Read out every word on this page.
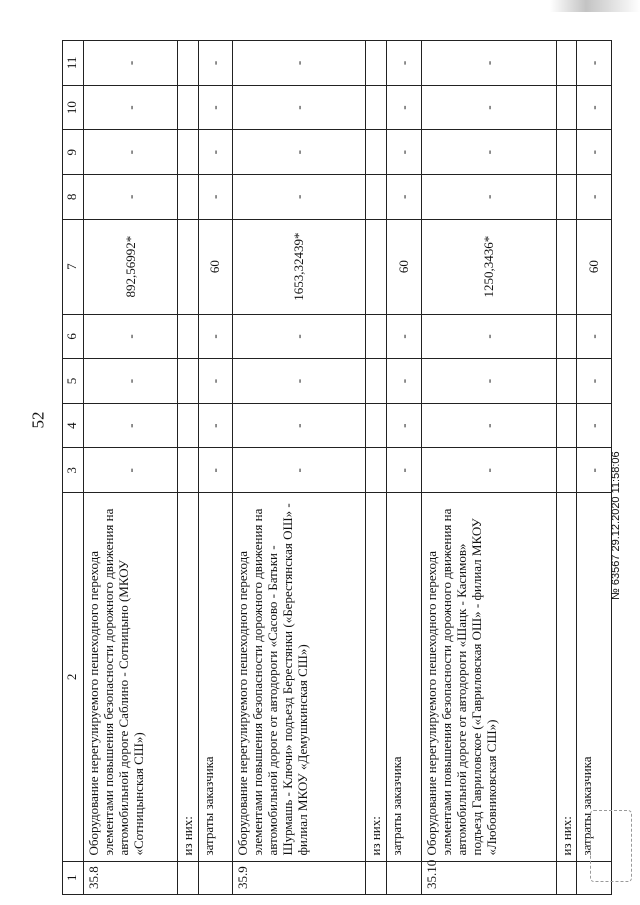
52
1	2	3	4	5	6	7	8	9	10	11
35.8	Оборудование нерегулируемого пешеходного перехода элементами повышения безопасности дорожного движения на автомобильной дороге Саблино - Сотницыно (МКОУ «Сотницынская СШ»)	-	-	-	-	892,56992*	-	-	-	-
	из них:									
	затраты заказчика	-	-	-	-	60	-	-	-	-
35.9	Оборудование нерегулируемого пешеходного перехода элементами повышения безопасности дорожного движения на автомобильной дороге от автодороги «Сасово - Батьки - Шурмашь - Ключи» подъезд Берестянки («Берестянская ОШ» - филиал МКОУ «Демушкинская СШ»)	-	-	-	-	1653,32439*	-	-	-	-
	из них:									
	затраты заказчика	-	-	-	-	60	-	-	-	-
35.10	Оборудование нерегулируемого пешеходного перехода элементами повышения безопасности дорожного движения на автомобильной дороге от автодороги «Шацк - Касимов» подъезд Гавриловское («Гавриловская ОШ» - филиал МКОУ «Любовниковская СШ»)	-	-	-	-	1250,3436*	-	-	-	-
	из них:									
	затраты заказчика	-	-	-	-	60	-	-	-	-
№ 63567 29.12.2020 11:58:06
